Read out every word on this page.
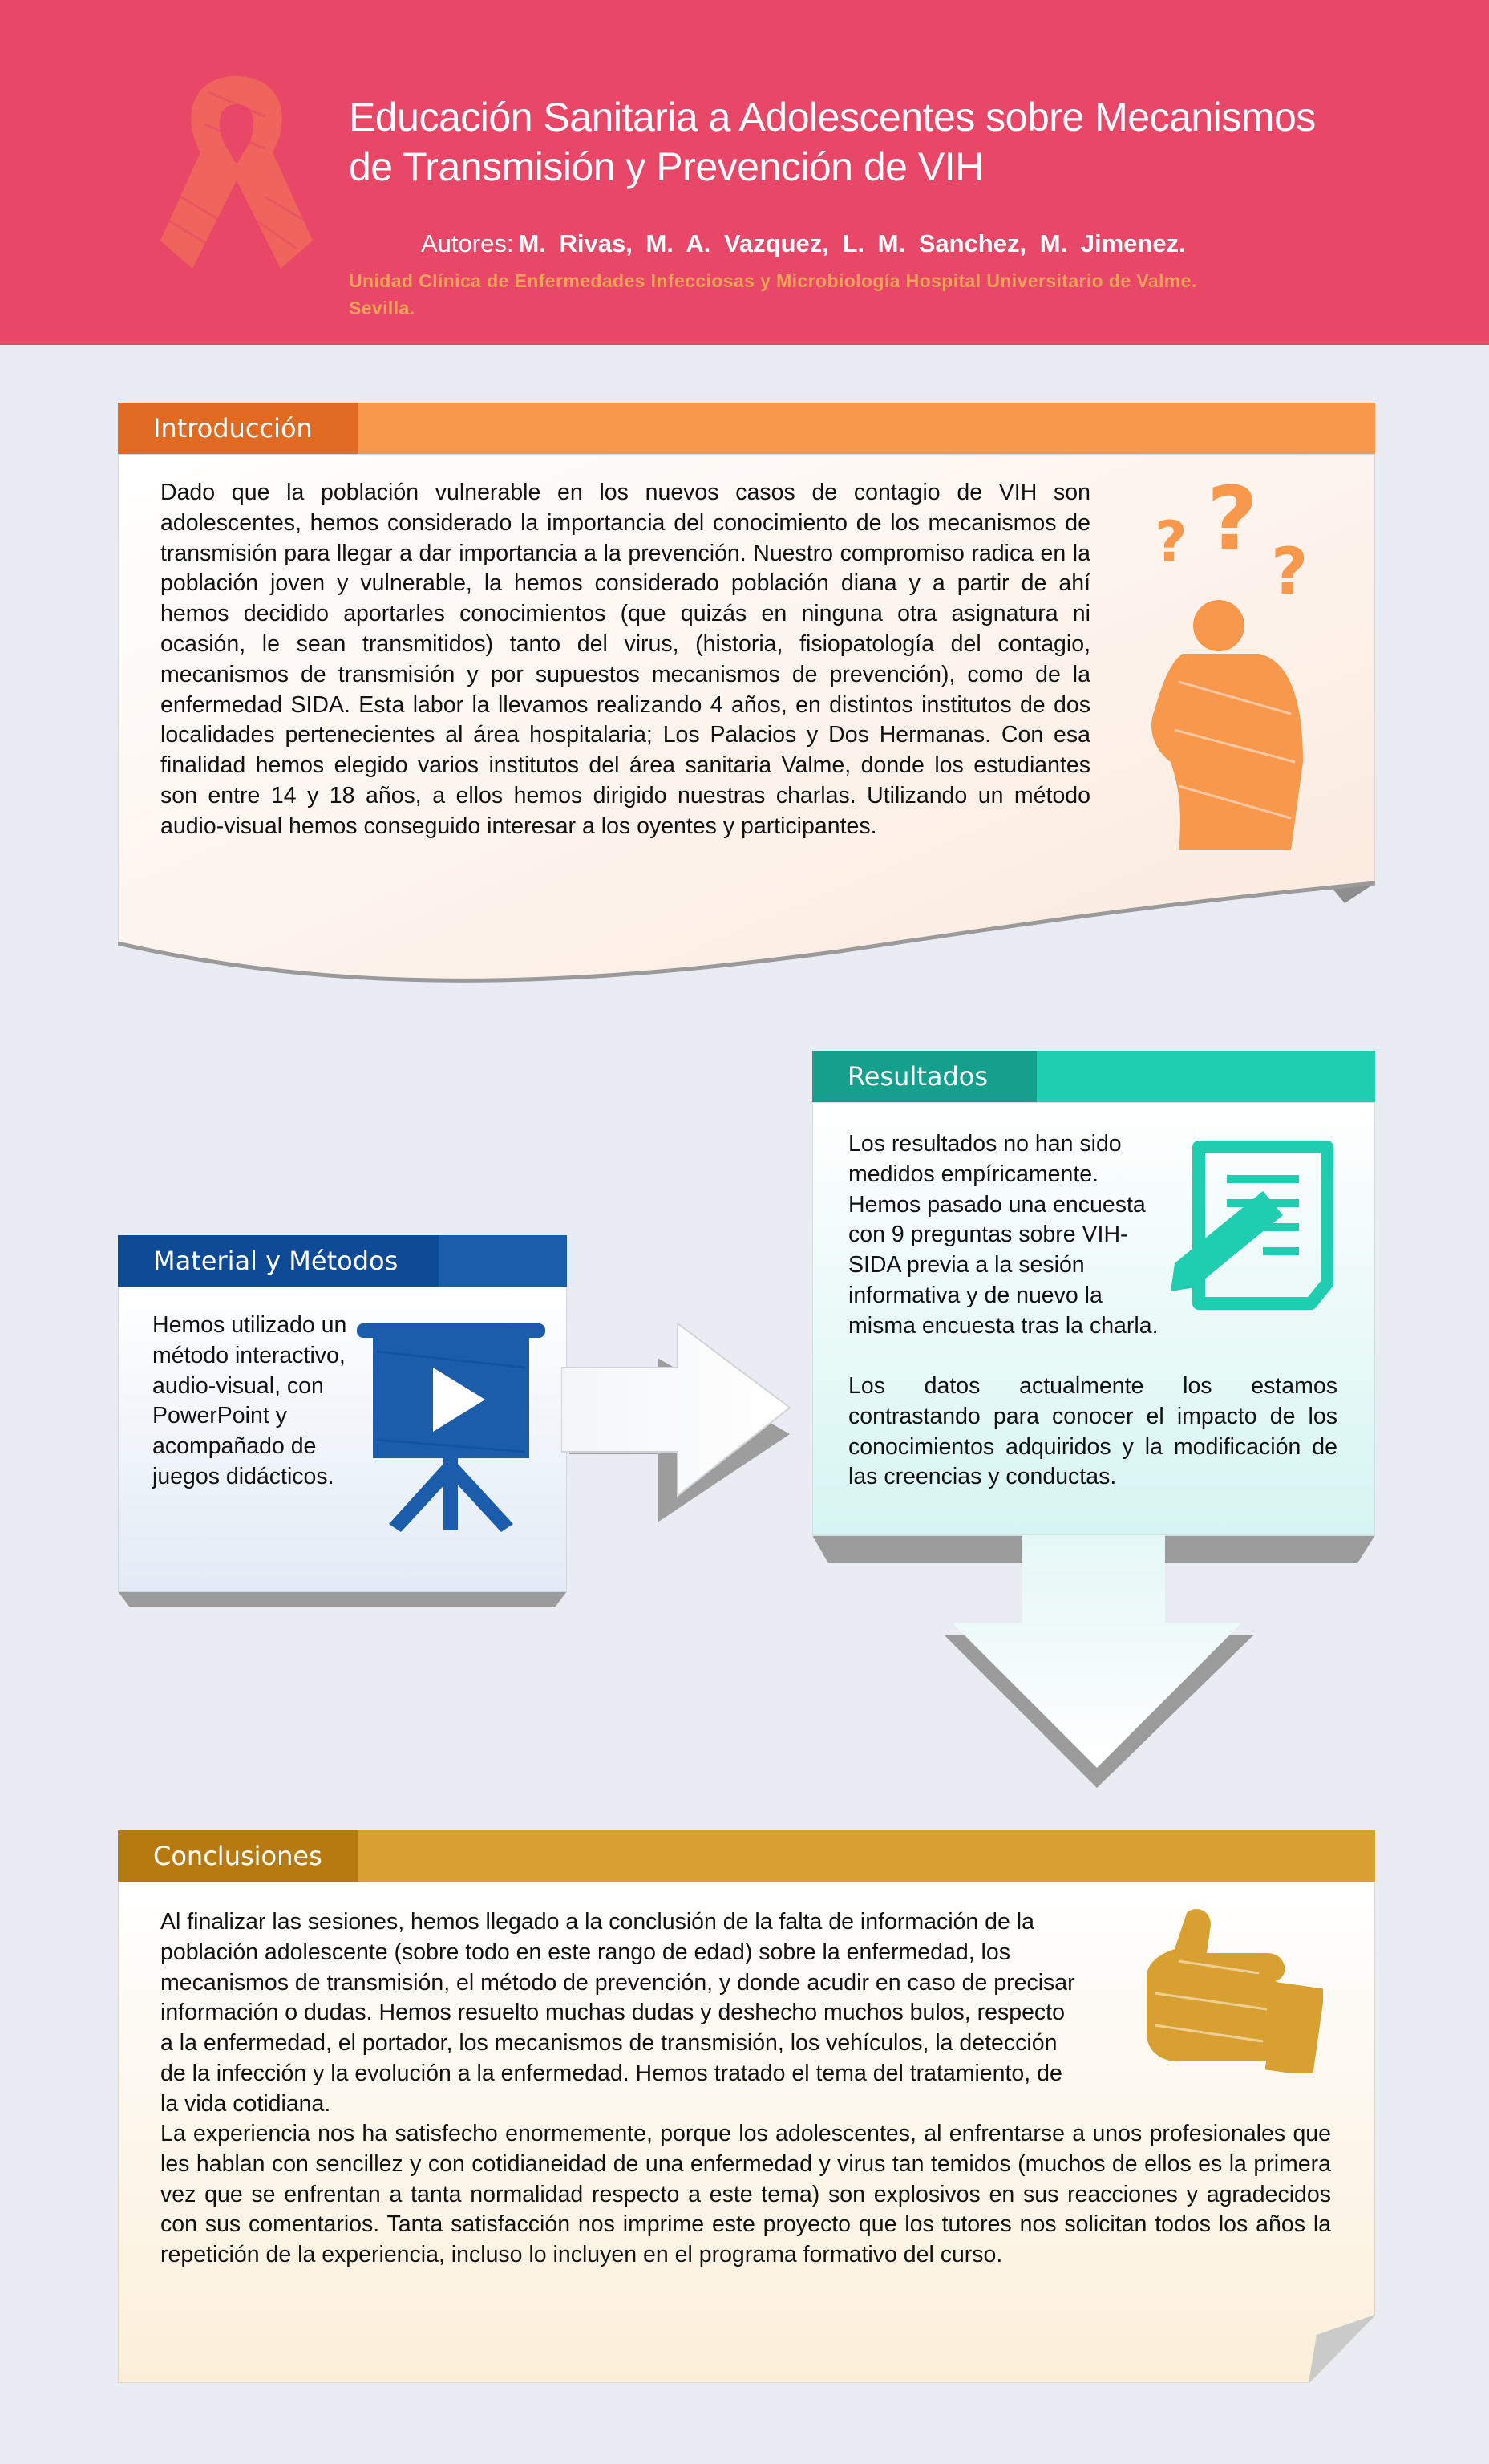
Educación Sanitaria a Adolescentes sobre Mecanismos
de Transmisión y Prevención de VIH
Autores: M. Rivas, M. A. Vazquez, L. M. Sanchez, M. Jimenez.
Unidad Clínica de Enfermedades Infecciosas y Microbiología Hospital Universitario de Valme.
Sevilla.
Introducción
Dado que la población vulnerable en los nuevos casos de contagio de VIH son adolescentes, hemos considerado la importancia del conocimiento de los mecanismos de transmisión para llegar a dar importancia a la prevención. Nuestro compromiso radica en la población joven y vulnerable, la hemos considerado población diana y a partir de ahí hemos decidido aportarles conocimientos (que quizás en ninguna otra asignatura ni ocasión, le sean transmitidos) tanto del virus, (historia, fisiopatología del contagio, mecanismos de transmisión y por supuestos mecanismos de prevención), como de la enfermedad SIDA. Esta labor la llevamos realizando 4 años, en distintos institutos de dos localidades pertenecientes al área hospitalaria; Los Palacios y Dos Hermanas. Con esa finalidad hemos elegido varios institutos del área sanitaria Valme, donde los estudiantes son entre 14 y 18 años, a ellos hemos dirigido nuestras charlas. Utilizando un método audio-visual hemos conseguido interesar a los oyentes y participantes.
?
? ?
Material y Métodos
Hemos utilizado un método interactivo, audio-visual, con PowerPoint y acompañado de juegos didácticos.
Resultados
Los resultados no han sido medidos empíricamente. Hemos pasado una encuesta con 9 preguntas sobre VIH-SIDA previa a la sesión informativa y de nuevo la misma encuesta tras la charla.
Los datos actualmente los estamos contrastando para conocer el impacto de los conocimientos adquiridos y la modificación de las creencias y conductas.
Conclusiones
Al finalizar las sesiones, hemos llegado a la conclusión de la falta de información de la población adolescente (sobre todo en este rango de edad) sobre la enfermedad, los mecanismos de transmisión, el método de prevención, y donde acudir en caso de precisar información o dudas. Hemos resuelto muchas dudas y deshecho muchos bulos, respecto a la enfermedad, el portador, los mecanismos de transmisión, los vehículos, la detección de la infección y la evolución a la enfermedad. Hemos tratado el tema del tratamiento, de la vida cotidiana.
La experiencia nos ha satisfecho enormemente, porque los adolescentes, al enfrentarse a unos profesionales que les hablan con sencillez y con cotidianeidad de una enfermedad y virus tan temidos (muchos de ellos es la primera vez que se enfrentan a tanta normalidad respecto a este tema) son explosivos en sus reacciones y agradecidos con sus comentarios. Tanta satisfacción nos imprime este proyecto que los tutores nos solicitan todos los años la repetición de la experiencia, incluso lo incluyen en el programa formativo del curso.
